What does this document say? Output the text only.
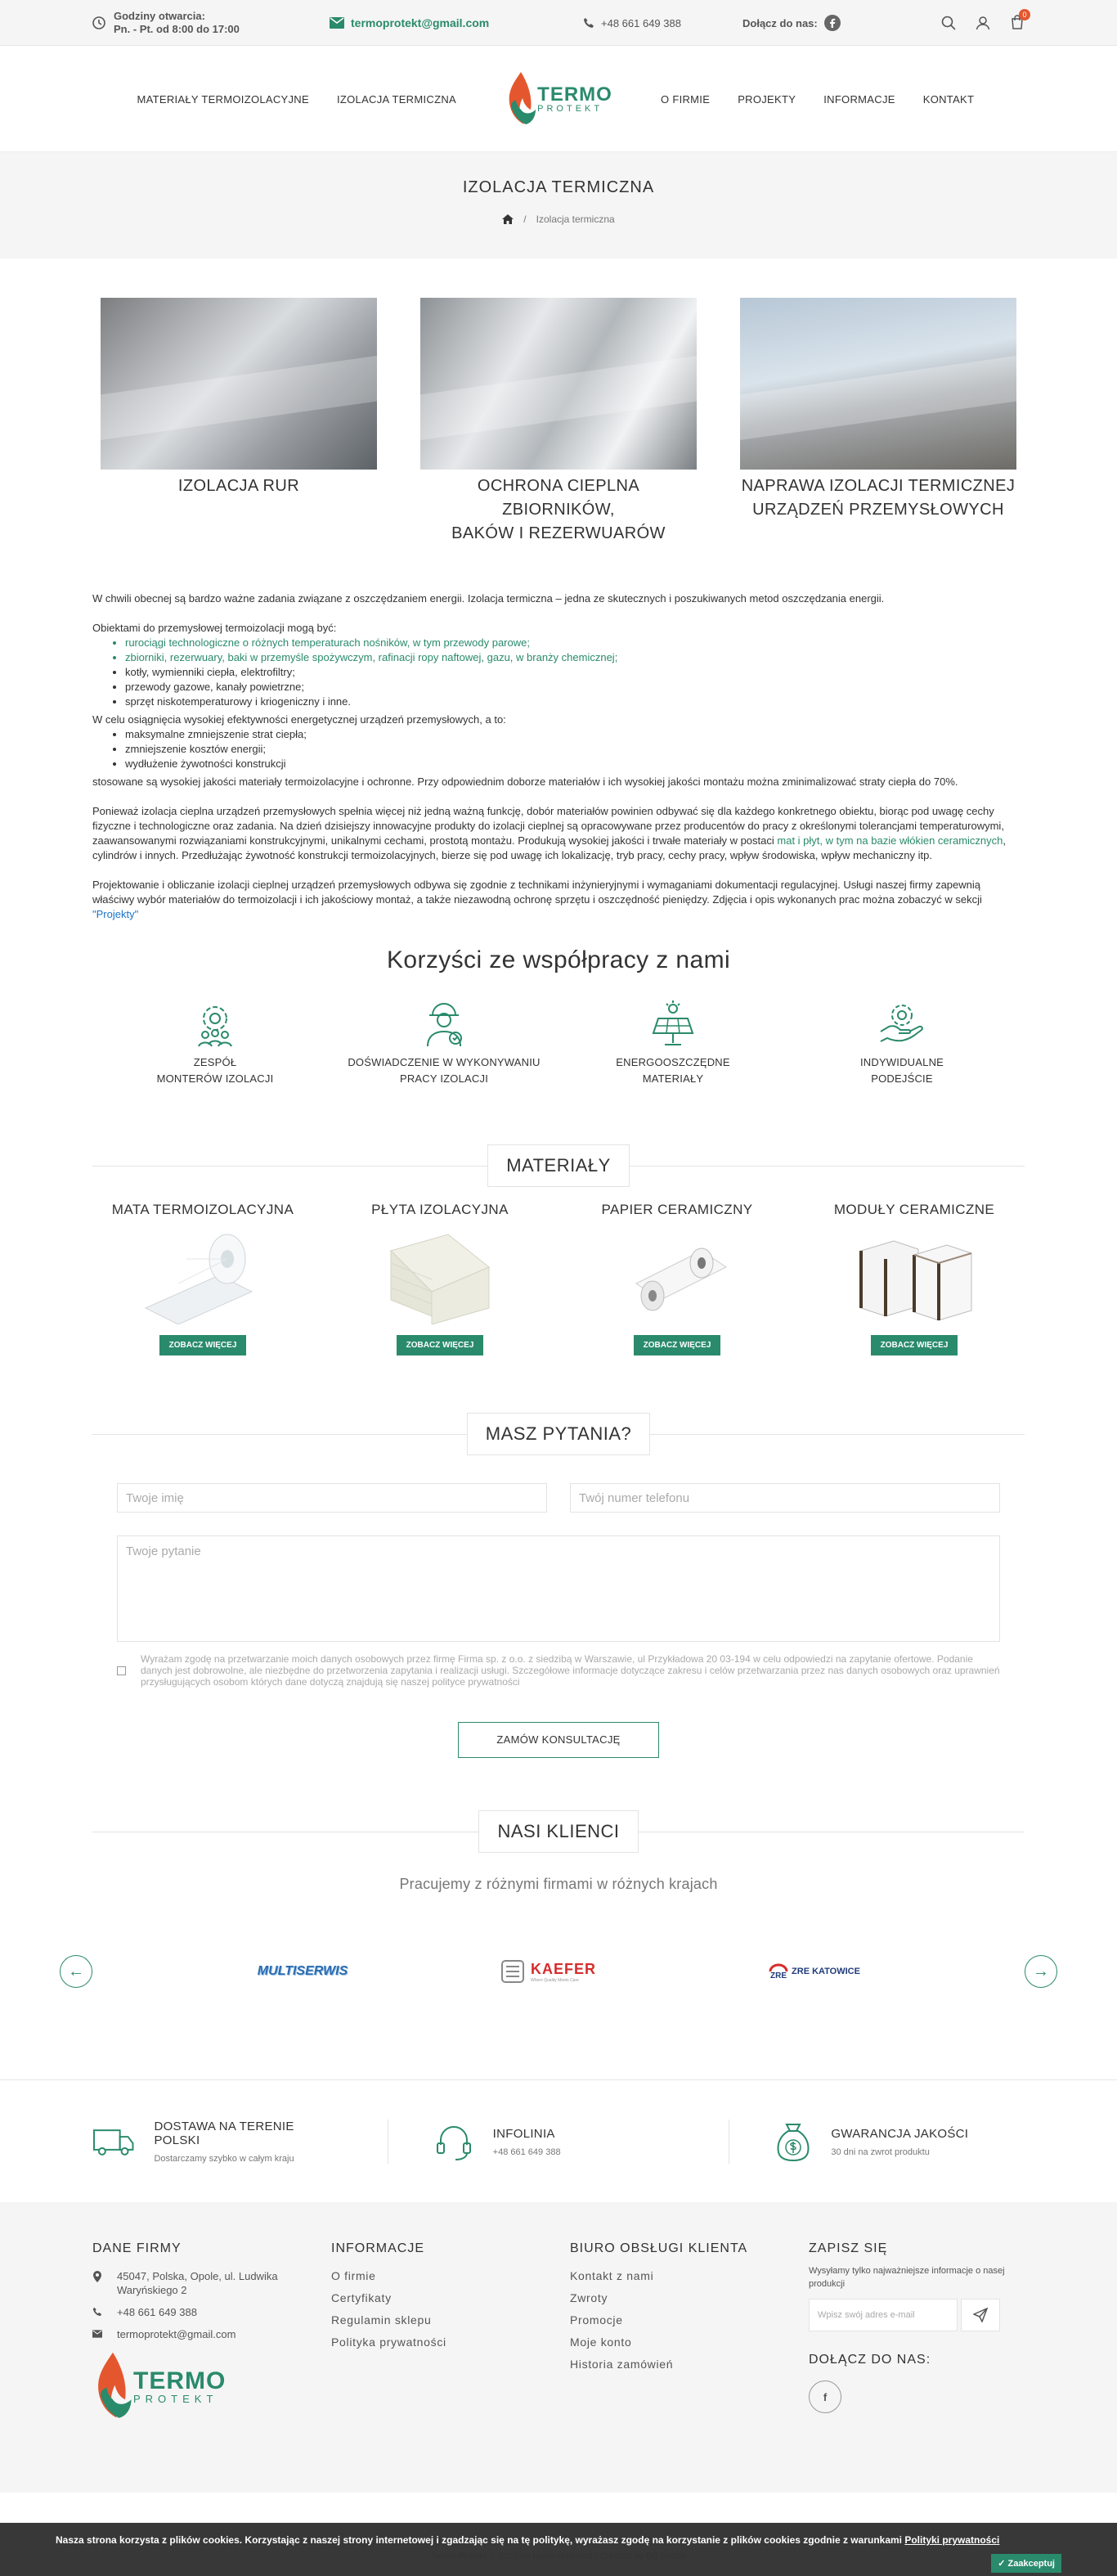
Godziny otwarcia:
Pn. - Pt. od 8:00 do 17:00	termoprotekt@gmail.com	+48 661 649 388	Dołącz do nas:
0
MATERIAŁY TERMOIZOLACYJNE	IZOLACJA TERMICZNA	TERMO
PROTEKT
O FIRMIE	PROJEKTY	INFORMACJE	KONTAKT
IZOLACJA TERMICZNA
/ Izolacja termiczna
IZOLACJA RUR	OCHRONA CIEPLNA ZBIORNIKÓW,
BAKÓW I REZERWUARÓW
NAPRAWA IZOLACJI TERMICZNEJ
URZĄDZEŃ PRZEMYSŁOWYCH

W chwili obecnej są bardzo ważne zadania związane z oszczędzaniem energii. Izolacja termiczna – jedna ze skutecznych i poszukiwanych metod oszczędzania energii.

Obiektami do przemysłowej termoizolacji mogą być:
• rurociągi technologiczne o różnych temperaturach nośników, w tym przewody parowe;
• zbiorniki, rezerwuary, baki w przemyśle spożywczym, rafinacji ropy naftowej, gazu, w branży chemicznej;
• kotły, wymienniki ciepła, elektrofiltry;
• przewody gazowe, kanały powietrzne;
• sprzęt niskotemperaturowy i kriogeniczny i inne.
W celu osiągnięcia wysokiej efektywności energetycznej urządzeń przemysłowych, a to:
• maksymalne zmniejszenie strat ciepła;
• zmniejszenie kosztów energii;
• wydłużenie żywotności konstrukcji

stosowane są wysokiej jakości materiały termoizolacyjne i ochronne. Przy odpowiednim doborze materiałów i ich wysokiej jakości montażu można zminimalizować straty ciepła do 70%.

Ponieważ izolacja cieplna urządzeń przemysłowych spełnia więcej niż jedną ważną funkcję, dobór materiałów powinien odbywać się dla każdego konkretnego obiektu, biorąc pod uwagę cechy fizyczne i technologiczne oraz zadania. Na dzień dzisiejszy innowacyjne produkty do izolacji cieplnej są opracowywane przez producentów do pracy z określonymi tolerancjami temperaturowymi, zaawansowanymi rozwiązaniami konstrukcyjnymi, unikalnymi cechami, prostotą montażu. Produkują wysokiej jakości i trwałe materiały w postaci mat i płyt, w tym na bazie włókien ceramicznych, cylindrów i innych. Przedłużając żywotność konstrukcji termoizolacyjnych, bierze się pod uwagę ich lokalizację, tryb pracy, cechy pracy, wpływ środowiska, wpływ mechaniczny itp.

Projektowanie i obliczanie izolacji cieplnej urządzeń przemysłowych odbywa się zgodnie z technikami inżynieryjnymi i wymaganiami dokumentacji regulacyjnej. Usługi naszej firmy zapewnią właściwy wybór materiałów do termoizolacji i ich jakościowy montaż, a także niezawodną ochronę sprzętu i oszczędność pieniędzy. Zdjęcia i opis wykonanych prac można zobaczyć w sekcji "Projekty"

Korzyści ze współpracy z nami
ZESPÓŁ
MONTERÓW IZOLACJI
DOŚWIADCZENIE W WYKONYWANIU
PRACY IZOLACJI
ENERGOOSZCZĘDNE
MATERIAŁY
INDYWIDUALNE
PODEJŚCIE
MATERIAŁY
MATA TERMOIZOLACYJNA
ZOBACZ WIĘCEJ
PŁYTA IZOLACYJNA
ZOBACZ WIĘCEJ
PAPIER CERAMICZNY
ZOBACZ WIĘCEJ
MODUŁY CERAMICZNE
ZOBACZ WIĘCEJ
MASZ PYTANIA?
Twoje imię	Twój numer telefonu
Twoje pytanie
Wyrażam zgodę na przetwarzanie moich danych osobowych przez firmę Firma sp. z o.o. z siedzibą w Warszawie, ul Przykładowa 20 03-194 w celu odpowiedzi na zapytanie ofertowe. Podanie danych jest dobrowolne, ale niezbędne do przetworzenia zapytania i realizacji usługi. Szczegółowe informacje dotyczące zakresu i celów przetwarzania przez nas danych osobowych oraz uprawnień przysługujących osobom których dane dotyczą znajdują się naszej polityce prywatności
ZAMÓW KONSULTACJĘ
NASI KLIENCI
Pracujemy z różnymi firmami w różnych krajach
←	MULTISERWIS	KAEFER
Where Quality Meets Care	ZRE ZRE KATOWICE	→
DOSTAWA NA TERENIE POLSKI
Dostarczamy szybko w całym kraju
INFOLINIA
+48 661 649 388
GWARANCJA JAKOŚCI
30 dni na zwrot produktu
DANE FIRMY
45047, Polska, Opole, ul. Ludwika Waryńskiego 2
+48 661 649 388
termoprotekt@gmail.com
TERMO
PROTEKT
INFORMACJE
O firmie
Certyfikaty
Regulamin sklepu
Polityka prywatności
BIURO OBSŁUGI KLIENTA
Kontakt z nami
Zwroty
Promocje
Moje konto
Historia zamówień
ZAPISZ SIĘ
Wysyłamy tylko najważniejsze informacje o nasej produkcji
Wpisz swój adres e-mail
DOŁĄCZ DO NAS:
f

Nasza strona korzysta z plików cookies. Korzystając z naszej strony internetowej i zgadzając się na tę politykę, wyrażasz zgodę na korzystanie z plików cookies zgodnie z warunkami Polityki prywatności

✓ Zaakceptuj
